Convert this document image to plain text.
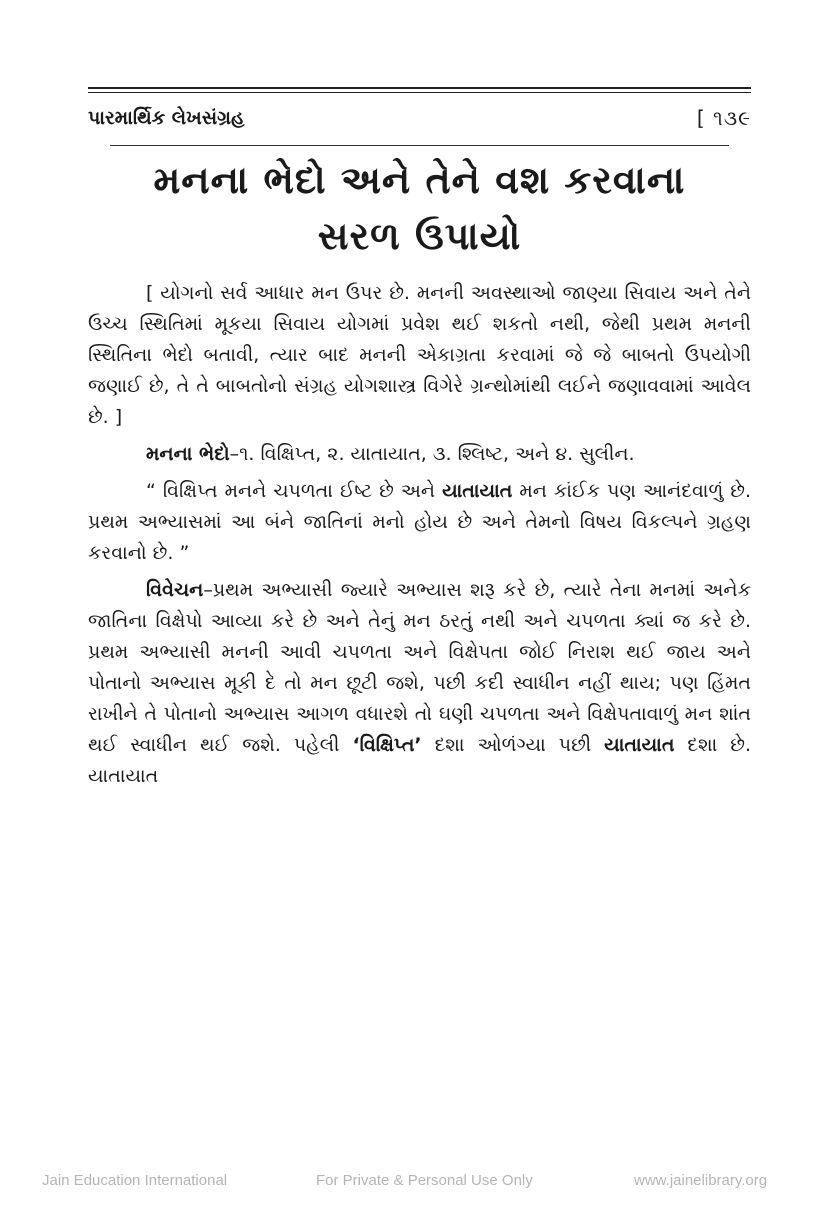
પારમાર્થિક લેખસંગ્રહ	[ ૧૩૯
મનના ભેદો અને તેને વશ કરવાના
સરળ ઉપાયો

[ યોગનો સર્વ આધાર મન ઉપર છે. મનની અવસ્થાઓ જાણ્યા સિવાય અને તેને ઉચ્ચ સ્થિતિમાં મૂકયા સિવાય યોગમાં પ્રવેશ થઈ શકતો નથી, જેથી પ્રથમ મનની સ્થિતિના ભેદો બતાવી, ત્યાર બાદ મનની એકાગ્રતા કરવામાં જે જે બાબતો ઉપયોગી જણાઈ છે, તે તે બાબતોનો સંગ્રહ યોગશાસ્ત્ર વિગેરે ગ્રન્થોમાંથી લઈને જણાવવામાં આવેલ છે. ]

મનના ભેદો–૧. વિક્ષિપ્ત, ૨. યાતાયાત, ૩. શ્લિષ્ટ, અને ૪. સુલીન.

“ વિક્ષિપ્ત મનને ચપળતા ઈષ્ટ છે અને યાતાયાત મન કાંઈક પણ આનંદવાળું છે. પ્રથમ અભ્યાસમાં આ બંને જાતિનાં મનો હોય છે અને તેમનો વિષય વિકલ્પને ગ્રહણ કરવાનો છે. ”

વિવેચન–પ્રથમ અભ્યાસી જ્યારે અભ્યાસ શરૂ કરે છે, ત્યારે તેના મનમાં અનેક જાતિના વિક્ષેપો આવ્યા કરે છે અને તેનું મન ઠરતું નથી અને ચપળતા ક્યાં જ કરે છે. પ્રથમ અભ્યાસી મનની આવી ચપળતા અને વિક્ષેપતા જોઈ નિરાશ થઈ જાય અને પોતાનો અભ્યાસ મૂકી દે તો મન છૂટી જશે, પછી કદી સ્વાધીન નહીં થાય; પણ હિંમત રાખીને તે પોતાનો અભ્યાસ આગળ વધારશે તો ઘણી ચપળતા અને વિક્ષેપતાવાળું મન શાંત થઈ સ્વાધીન થઈ જશે. પહેલી ‘વિક્ષિપ્ત’ દશા ઓળંગ્યા પછી યાતાયાત દશા છે. યાતાયાત

Jain Education International	For Private & Personal Use Only	www.jainelibrary.org
